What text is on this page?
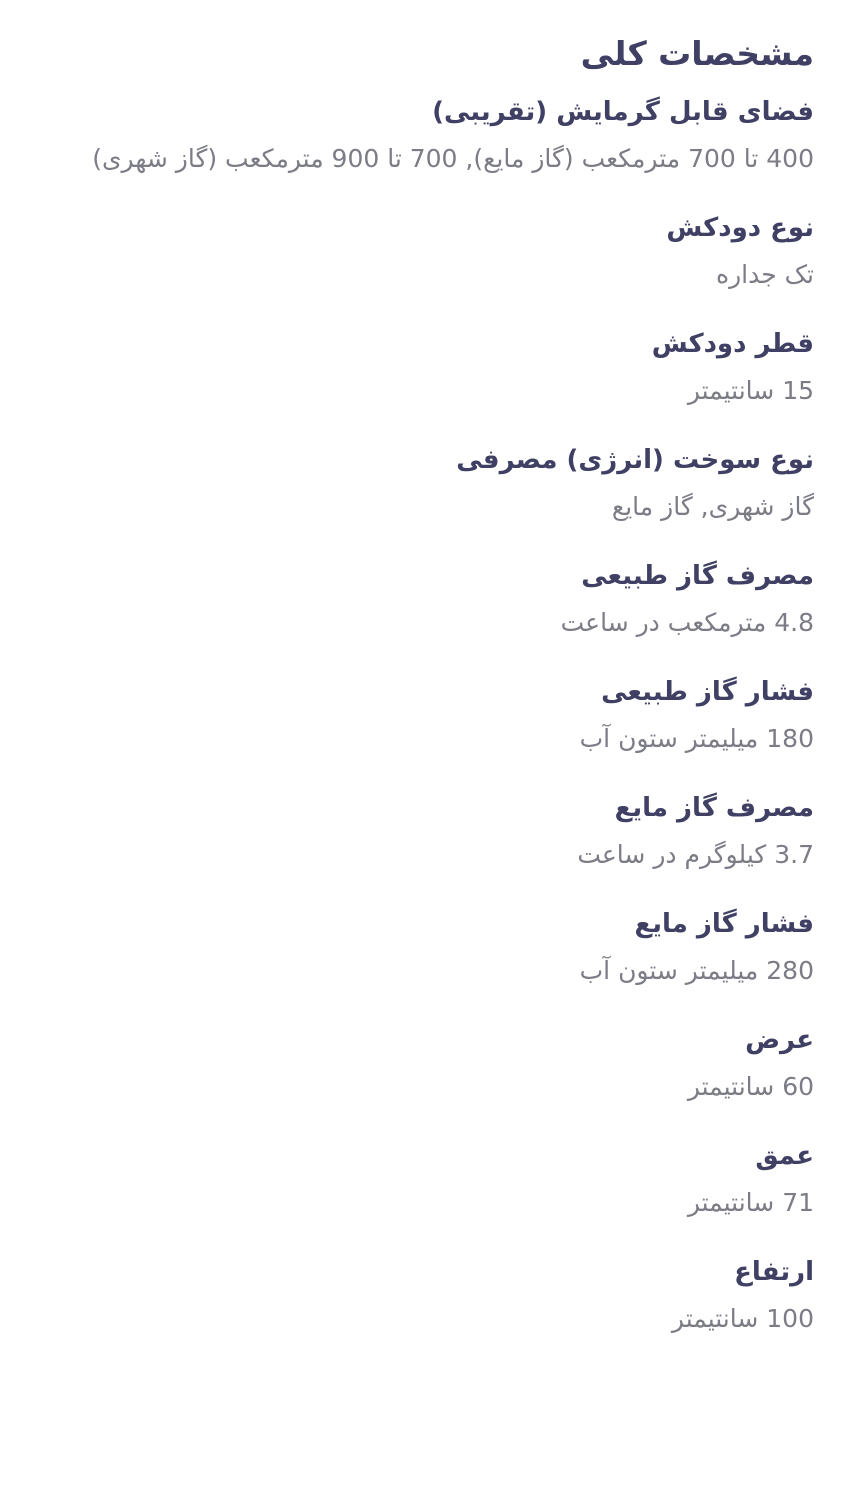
مشخصات کلی
فضای قابل گرمایش (تقریبی)
400 تا 700 مترمکعب (گاز مایع), 700 تا 900 مترمکعب (گاز شهری)
نوع دودکش
تک جداره
قطر دودکش
15 سانتیمتر
نوع سوخت (انرژی) مصرفی
گاز شهری, گاز مایع
مصرف گاز طبیعی
4.8 مترمکعب در ساعت
فشار گاز طبیعی
180 میلیمتر ستون آب
مصرف گاز مایع
3.7 کیلوگرم در ساعت
فشار گاز مایع
280 میلیمتر ستون آب
عرض
60 سانتیمتر
عمق
71 سانتیمتر
ارتفاع
100 سانتیمتر
